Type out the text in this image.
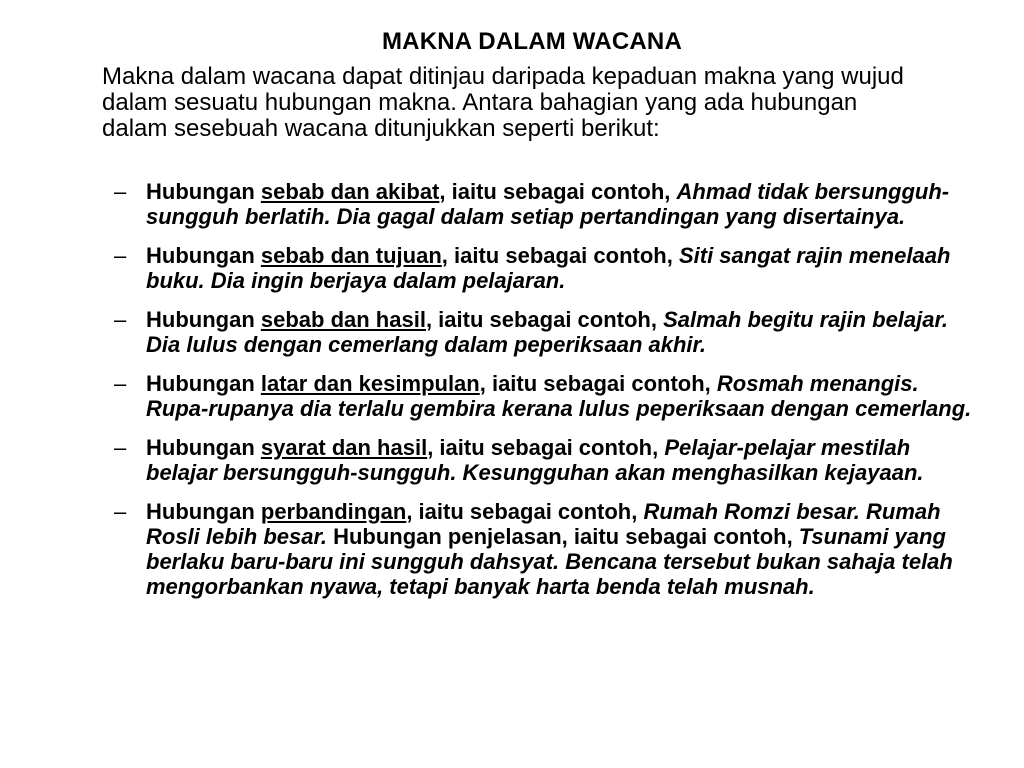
MAKNA DALAM WACANA
Makna dalam wacana dapat ditinjau daripada kepaduan makna yang wujud dalam sesuatu hubungan makna. Antara bahagian yang ada hubungan dalam sesebuah wacana ditunjukkan seperti berikut:
– Hubungan sebab dan akibat, iaitu sebagai contoh, Ahmad tidak bersungguh-sungguh berlatih. Dia gagal dalam setiap pertandingan yang disertainya.
– Hubungan sebab dan tujuan, iaitu sebagai contoh, Siti sangat rajin menelaah buku. Dia ingin berjaya dalam pelajaran.
– Hubungan sebab dan hasil, iaitu sebagai contoh, Salmah begitu rajin belajar. Dia lulus dengan cemerlang dalam peperiksaan akhir.
– Hubungan latar dan kesimpulan, iaitu sebagai contoh, Rosmah menangis. Rupa-rupanya dia terlalu gembira kerana lulus peperiksaan dengan cemerlang.
– Hubungan syarat dan hasil, iaitu sebagai contoh, Pelajar-pelajar mestilah belajar bersungguh-sungguh. Kesungguhan akan menghasilkan kejayaan.
– Hubungan perbandingan, iaitu sebagai contoh, Rumah Romzi besar. Rumah Rosli lebih besar. Hubungan penjelasan, iaitu sebagai contoh, Tsunami yang berlaku baru-baru ini sungguh dahsyat. Bencana tersebut bukan sahaja telah mengorbankan nyawa, tetapi banyak harta benda telah musnah.
